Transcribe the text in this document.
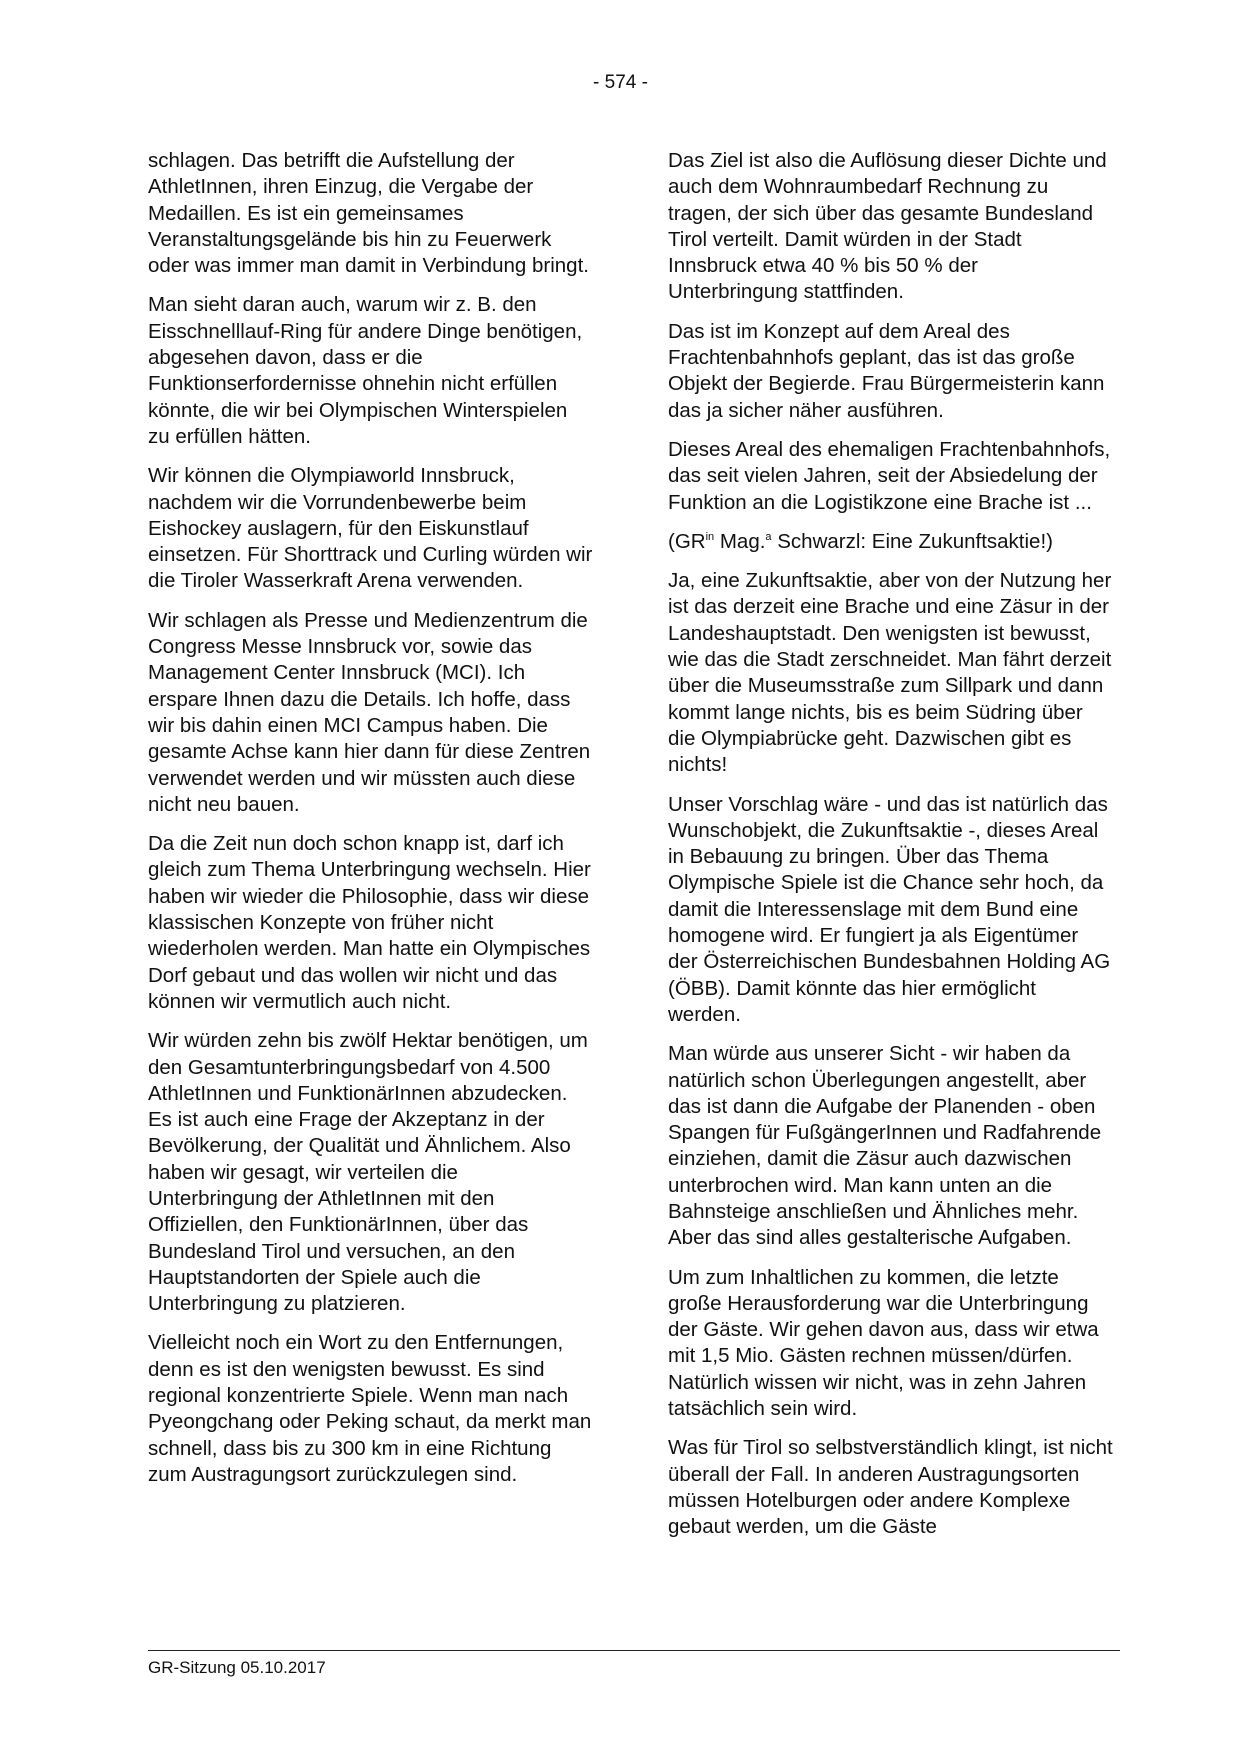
- 574 -

schlagen. Das betrifft die Aufstellung der AthletInnen, ihren Einzug, die Vergabe der Medaillen. Es ist ein gemeinsames Veranstaltungsgelände bis hin zu Feuerwerk oder was immer man damit in Verbindung bringt.

Man sieht daran auch, warum wir z. B. den Eisschnelllauf-Ring für andere Dinge benötigen, abgesehen davon, dass er die Funktionserfordernisse ohnehin nicht erfüllen könnte, die wir bei Olympischen Winterspielen zu erfüllen hätten.

Wir können die Olympiaworld Innsbruck, nachdem wir die Vorrundenbewerbe beim Eishockey auslagern, für den Eiskunstlauf einsetzen. Für Shorttrack und Curling würden wir die Tiroler Wasserkraft Arena verwenden.

Wir schlagen als Presse und Medienzentrum die Congress Messe Innsbruck vor, sowie das Management Center Innsbruck (MCI). Ich erspare Ihnen dazu die Details. Ich hoffe, dass wir bis dahin einen MCI Campus haben. Die gesamte Achse kann hier dann für diese Zentren verwendet werden und wir müssten auch diese nicht neu bauen.

Da die Zeit nun doch schon knapp ist, darf ich gleich zum Thema Unterbringung wechseln. Hier haben wir wieder die Philosophie, dass wir diese klassischen Konzepte von früher nicht wiederholen werden. Man hatte ein Olympisches Dorf gebaut und das wollen wir nicht und das können wir vermutlich auch nicht.

Wir würden zehn bis zwölf Hektar benötigen, um den Gesamtunterbringungsbedarf von 4.500 AthletInnen und FunktionärInnen abzudecken. Es ist auch eine Frage der Akzeptanz in der Bevölkerung, der Qualität und Ähnlichem. Also haben wir gesagt, wir verteilen die Unterbringung der AthletInnen mit den Offiziellen, den FunktionärInnen, über das Bundesland Tirol und versuchen, an den Hauptstandorten der Spiele auch die Unterbringung zu platzieren.

Vielleicht noch ein Wort zu den Entfernungen, denn es ist den wenigsten bewusst. Es sind regional konzentrierte Spiele. Wenn man nach Pyeongchang oder Peking schaut, da merkt man schnell, dass bis zu 300 km in eine Richtung zum Austragungsort zurückzulegen sind.

Das Ziel ist also die Auflösung dieser Dichte und auch dem Wohnraumbedarf Rechnung zu tragen, der sich über das gesamte Bundesland Tirol verteilt. Damit würden in der Stadt Innsbruck etwa 40 % bis 50 % der Unterbringung stattfinden.

Das ist im Konzept auf dem Areal des Frachtenbahnhofs geplant, das ist das große Objekt der Begierde. Frau Bürgermeisterin kann das ja sicher näher ausführen.

Dieses Areal des ehemaligen Frachtenbahnhofs, das seit vielen Jahren, seit der Absiedelung der Funktion an die Logistikzone eine Brache ist ...

($GR^{in}$ Mag.$^a$ Schwarzl: Eine Zukunftsaktie!)

Ja, eine Zukunftsaktie, aber von der Nutzung her ist das derzeit eine Brache und eine Zäsur in der Landeshauptstadt. Den wenigsten ist bewusst, wie das die Stadt zerschneidet. Man fährt derzeit über die Museumsstraße zum Sillpark und dann kommt lange nichts, bis es beim Südring über die Olympiabrücke geht. Dazwischen gibt es nichts!

Unser Vorschlag wäre - und das ist natürlich das Wunschobjekt, die Zukunftsaktie -, dieses Areal in Bebauung zu bringen. Über das Thema Olympische Spiele ist die Chance sehr hoch, da damit die Interessenslage mit dem Bund eine homogene wird. Er fungiert ja als Eigentümer der Österreichischen Bundesbahnen Holding AG (ÖBB). Damit könnte das hier ermöglicht werden.

Man würde aus unserer Sicht - wir haben da natürlich schon Überlegungen angestellt, aber das ist dann die Aufgabe der Planenden - oben Spangen für FußgängerInnen und Radfahrende einziehen, damit die Zäsur auch dazwischen unterbrochen wird. Man kann unten an die Bahnsteige anschließen und Ähnliches mehr. Aber das sind alles gestalterische Aufgaben.

Um zum Inhaltlichen zu kommen, die letzte große Herausforderung war die Unterbringung der Gäste. Wir gehen davon aus, dass wir etwa mit 1,5 Mio. Gästen rechnen müssen/dürfen. Natürlich wissen wir nicht, was in zehn Jahren tatsächlich sein wird.

Was für Tirol so selbstverständlich klingt, ist nicht überall der Fall. In anderen Austragungsorten müssen Hotelburgen oder andere Komplexe gebaut werden, um die Gäste

GR-Sitzung 05.10.2017
